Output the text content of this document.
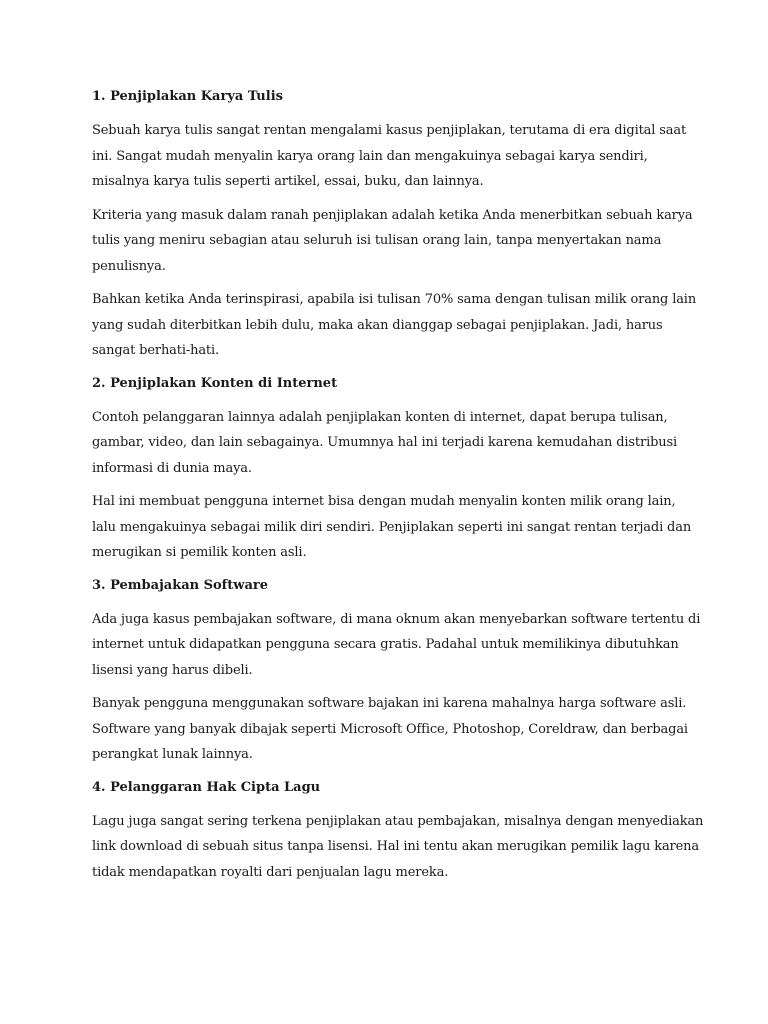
1. Penjiplakan Karya Tulis
Sebuah karya tulis sangat rentan mengalami kasus penjiplakan, terutama di era digital saat
ini. Sangat mudah menyalin karya orang lain dan mengakuinya sebagai karya sendiri,
misalnya karya tulis seperti artikel, essai, buku, dan lainnya.
Kriteria yang masuk dalam ranah penjiplakan adalah ketika Anda menerbitkan sebuah karya
tulis yang meniru sebagian atau seluruh isi tulisan orang lain, tanpa menyertakan nama
penulisnya.
Bahkan ketika Anda terinspirasi, apabila isi tulisan 70% sama dengan tulisan milik orang lain
yang sudah diterbitkan lebih dulu, maka akan dianggap sebagai penjiplakan. Jadi, harus
sangat berhati-hati.
2. Penjiplakan Konten di Internet
Contoh pelanggaran lainnya adalah penjiplakan konten di internet, dapat berupa tulisan,
gambar, video, dan lain sebagainya. Umumnya hal ini terjadi karena kemudahan distribusi
informasi di dunia maya.
Hal ini membuat pengguna internet bisa dengan mudah menyalin konten milik orang lain,
lalu mengakuinya sebagai milik diri sendiri. Penjiplakan seperti ini sangat rentan terjadi dan
merugikan si pemilik konten asli.
3. Pembajakan Software
Ada juga kasus pembajakan software, di mana oknum akan menyebarkan software tertentu di
internet untuk didapatkan pengguna secara gratis. Padahal untuk memilikinya dibutuhkan
lisensi yang harus dibeli.
Banyak pengguna menggunakan software bajakan ini karena mahalnya harga software asli.
Software yang banyak dibajak seperti Microsoft Office, Photoshop, Coreldraw, dan berbagai
perangkat lunak lainnya.
4. Pelanggaran Hak Cipta Lagu
Lagu juga sangat sering terkena penjiplakan atau pembajakan, misalnya dengan menyediakan
link download di sebuah situs tanpa lisensi. Hal ini tentu akan merugikan pemilik lagu karena
tidak mendapatkan royalti dari penjualan lagu mereka.
